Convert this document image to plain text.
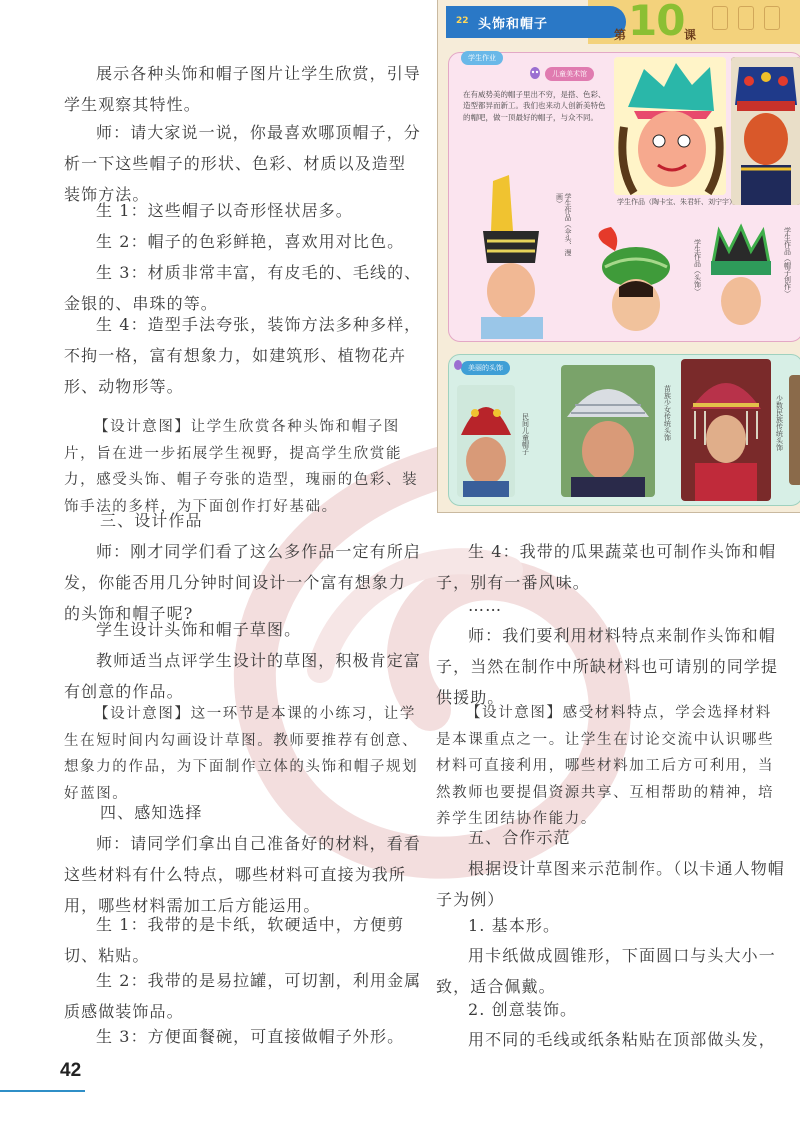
展示各种头饰和帽子图片让学生欣赏，引导学生观察其特性。

师：请大家说一说，你最喜欢哪顶帽子，分析一下这些帽子的形状、色彩、材质以及造型装饰方法。

生 1：这些帽子以奇形怪状居多。

生 2：帽子的色彩鲜艳，喜欢用对比色。

生 3：材质非常丰富，有皮毛的、毛线的、金银的、串珠的等。

生 4：造型手法夸张，装饰方法多种多样，不拘一格，富有想象力，如建筑形、植物花卉形、动物形等。

【设计意图】让学生欣赏各种头饰和帽子图片，旨在进一步拓展学生视野，提高学生欣赏能力，感受头饰、帽子夸张的造型，瑰丽的色彩、装饰手法的多样，为下面创作打好基础。

三、设计作品

师：刚才同学们看了这么多作品一定有所启发，你能否用几分钟时间设计一个富有想象力的头饰和帽子呢?

学生设计头饰和帽子草图。

教师适当点评学生设计的草图，积极肯定富有创意的作品。

【设计意图】这一环节是本课的小练习，让学生在短时间内勾画设计草图。教师要推荐有创意、想象力的作品，为下面制作立体的头饰和帽子规划好蓝图。

四、感知选择

师：请同学们拿出自己准备好的材料，看看这些材料有什么特点，哪些材料可直接为我所用，哪些材料需加工后方能运用。

生 1：我带的是卡纸，软硬适中，方便剪切、粘贴。

生 2：我带的是易拉罐，可切割，利用金属质感做装饰品。

生 3：方便面餐碗，可直接做帽子外形。

生 4：我带的瓜果蔬菜也可制作头饰和帽子，别有一番风味。

……

师：我们要利用材料特点来制作头饰和帽子，当然在制作中所缺材料也可请别的同学提供援助。

【设计意图】感受材料特点，学会选择材料是本课重点之一。让学生在讨论交流中认识哪些材料可直接利用，哪些材料加工后方可利用，当然教师也要提倡资源共享、互相帮助的精神，培养学生团结协作能力。

五、合作示范

根据设计草图来示范制作。（以卡通人物帽子为例）

1. 基本形。

用卡纸做成圆锥形，下面圆口与头大小一致，适合佩戴。

2. 创意装饰。

用不同的毛线或纸条粘贴在顶部做头发，

22 头饰和帽子
第 10 课
学生作业
儿童美术馆

在有威势美的帽子里出不穷，是搭、色彩、造型都异而新工。我们也来动人创新美特色的帽吧，做一顶最好的帽子，与众不同。

学生作品（陶卡宝、朱君轩、刘宁宇）
学生作品（伞头、漫画）
学生作品（头饰）	学生作品（帽子创作）
美丽的头饰
民间儿童帽子	苗族少女传统头饰	少数民族传统头饰
42
